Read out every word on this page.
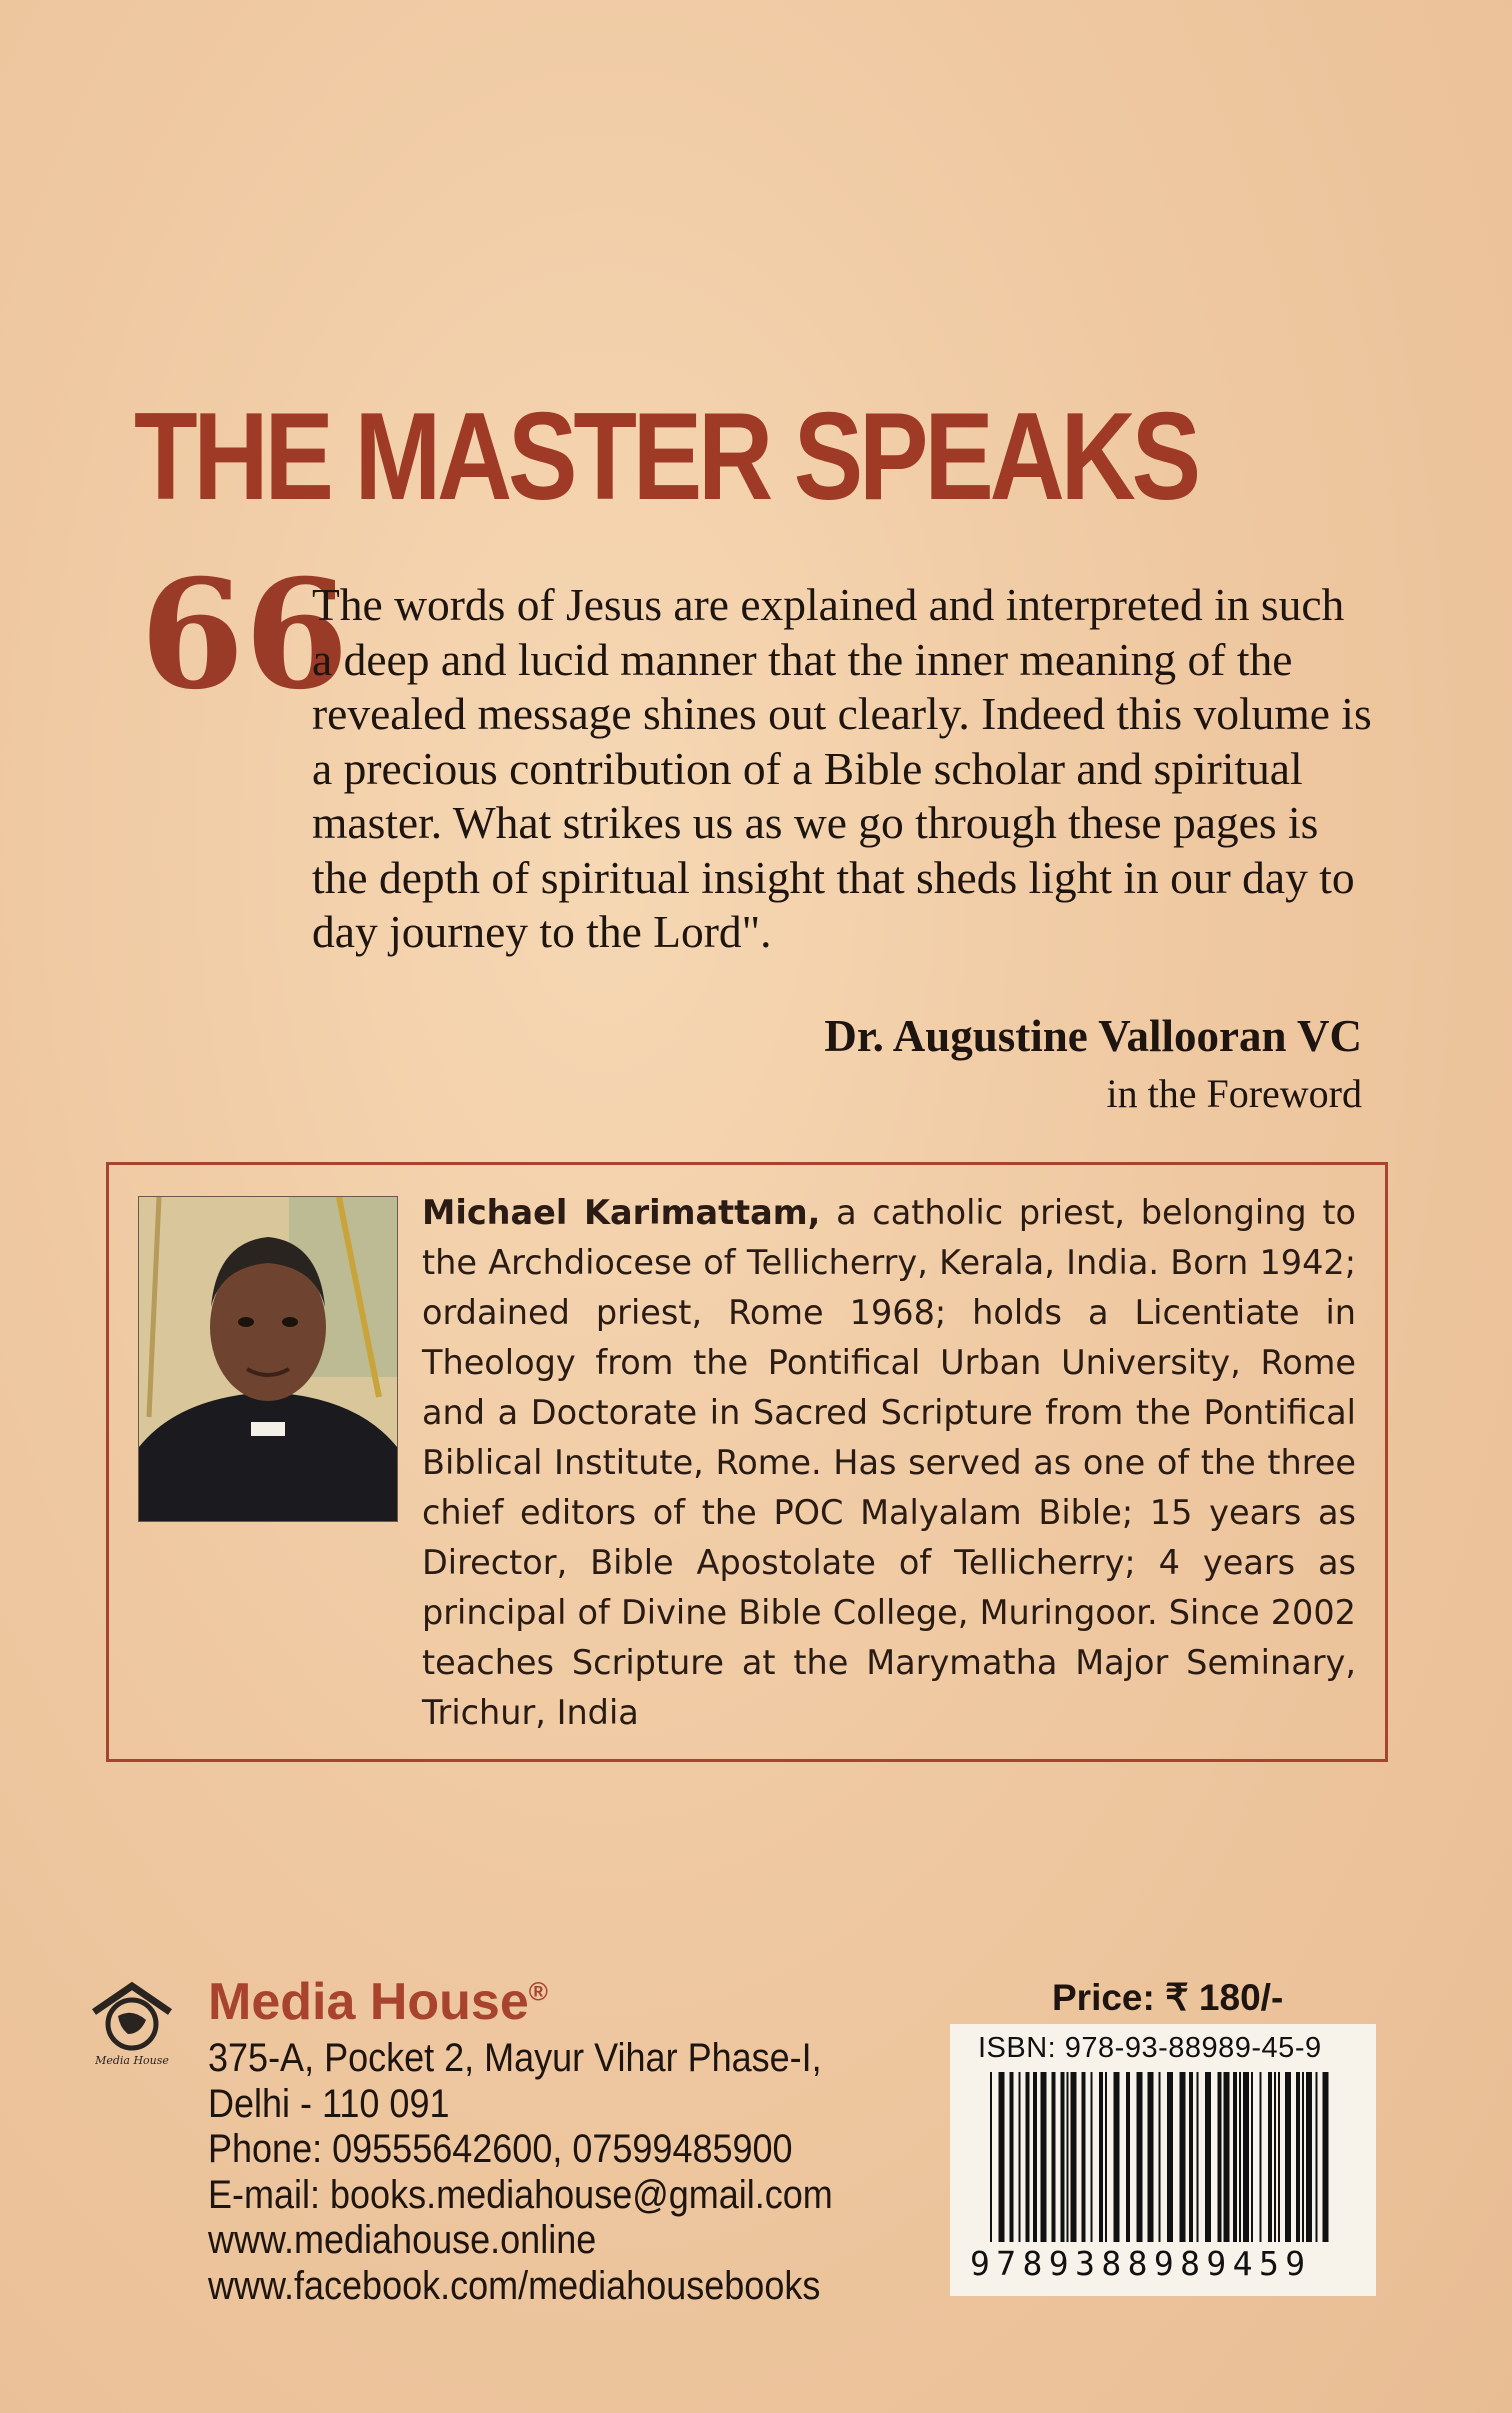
THE MASTER SPEAKS
66

The words of Jesus are explained and interpreted in such a deep and lucid manner that the inner meaning of the revealed message shines out clearly. Indeed this volume is a precious contribution of a Bible scholar and spiritual master. What strikes us as we go through these pages is the depth of spiritual insight that sheds light in our day to day journey to the Lord".

Dr. Augustine Vallooran VC
in the Foreword

Michael Karimattam, a catholic priest, belonging to the Archdiocese of Tellicherry, Kerala, India. Born 1942; ordained priest, Rome 1968; holds a Licentiate in Theology from the Pontifical Urban University, Rome and a Doctorate in Sacred Scripture from the Pontifical Biblical Institute, Rome. Has served as one of the three chief editors of the POC Malyalam Bible; 15 years as Director, Bible Apostolate of Tellicherry; 4 years as principal of Divine Bible College, Muringoor. Since 2002 teaches Scripture at the Marymatha Major Seminary, Trichur, India

Media House
Media House®
375-A, Pocket 2, Mayur Vihar Phase-I,
Delhi - 110 091
Phone: 09555642600, 07599485900
E-mail: books.mediahouse@gmail.com
www.mediahouse.online
www.facebook.com/mediahousebooks
Price: ₹ 180/-
ISBN: 978-93-88989-45-9
9789388989459
